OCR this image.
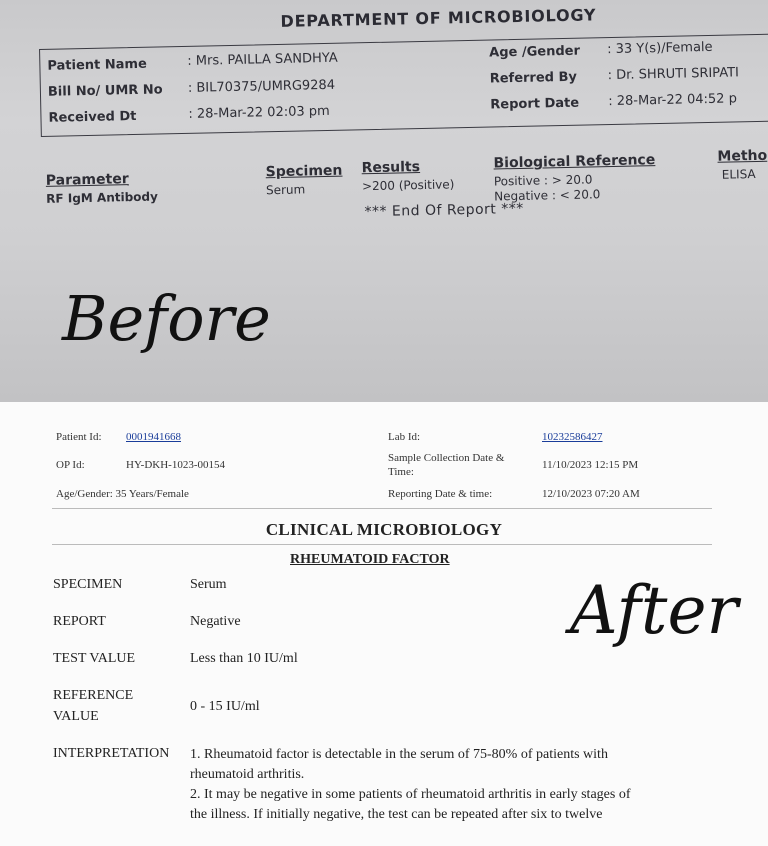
DEPARTMENT OF MICROBIOLOGY
Patient Name	: Mrs. PAILLA SANDHYA
Bill No/ UMR No : BIL70375/UMRG9284
Received Dt	: 28-Mar-22 02:03 pm
Age /Gender : 33 Y(s)/Female
Referred By : Dr. SHRUTI SRIPATI
Report Date : 28-Mar-22 04:52 p
Parameter	Specimen Results	Biological Reference	Metho
RF IgM Antibody	Serum	>200 (Positive)	Positive : > 20.0
Negative : < 20.0
ELISA
*** End Of Report ***
Before
Patient Id: 0001941668
OP Id:	HY-DKH-1023-00154
Age/Gender: 35 Years/Female
Lab Id:	10232586427
Sample Collection Date &
Time:
11/10/2023 12:15 PM
Reporting Date & time:	12/10/2023 07:20 AM
CLINICAL MICROBIOLOGY
RHEUMATOID FACTOR
SPECIMEN	Serum
REPORT	Negative
TEST VALUE	Less than 10 IU/ml
REFERENCE
VALUE
0 - 15 IU/ml
INTERPRETATION 1. Rheumatoid factor is detectable in the serum of 75-80% of patients with
rheumatoid arthritis.
2. It may be negative in some patients of rheumatoid arthritis in early stages of
the illness. If initially negative, the test can be repeated after six to twelve
After
